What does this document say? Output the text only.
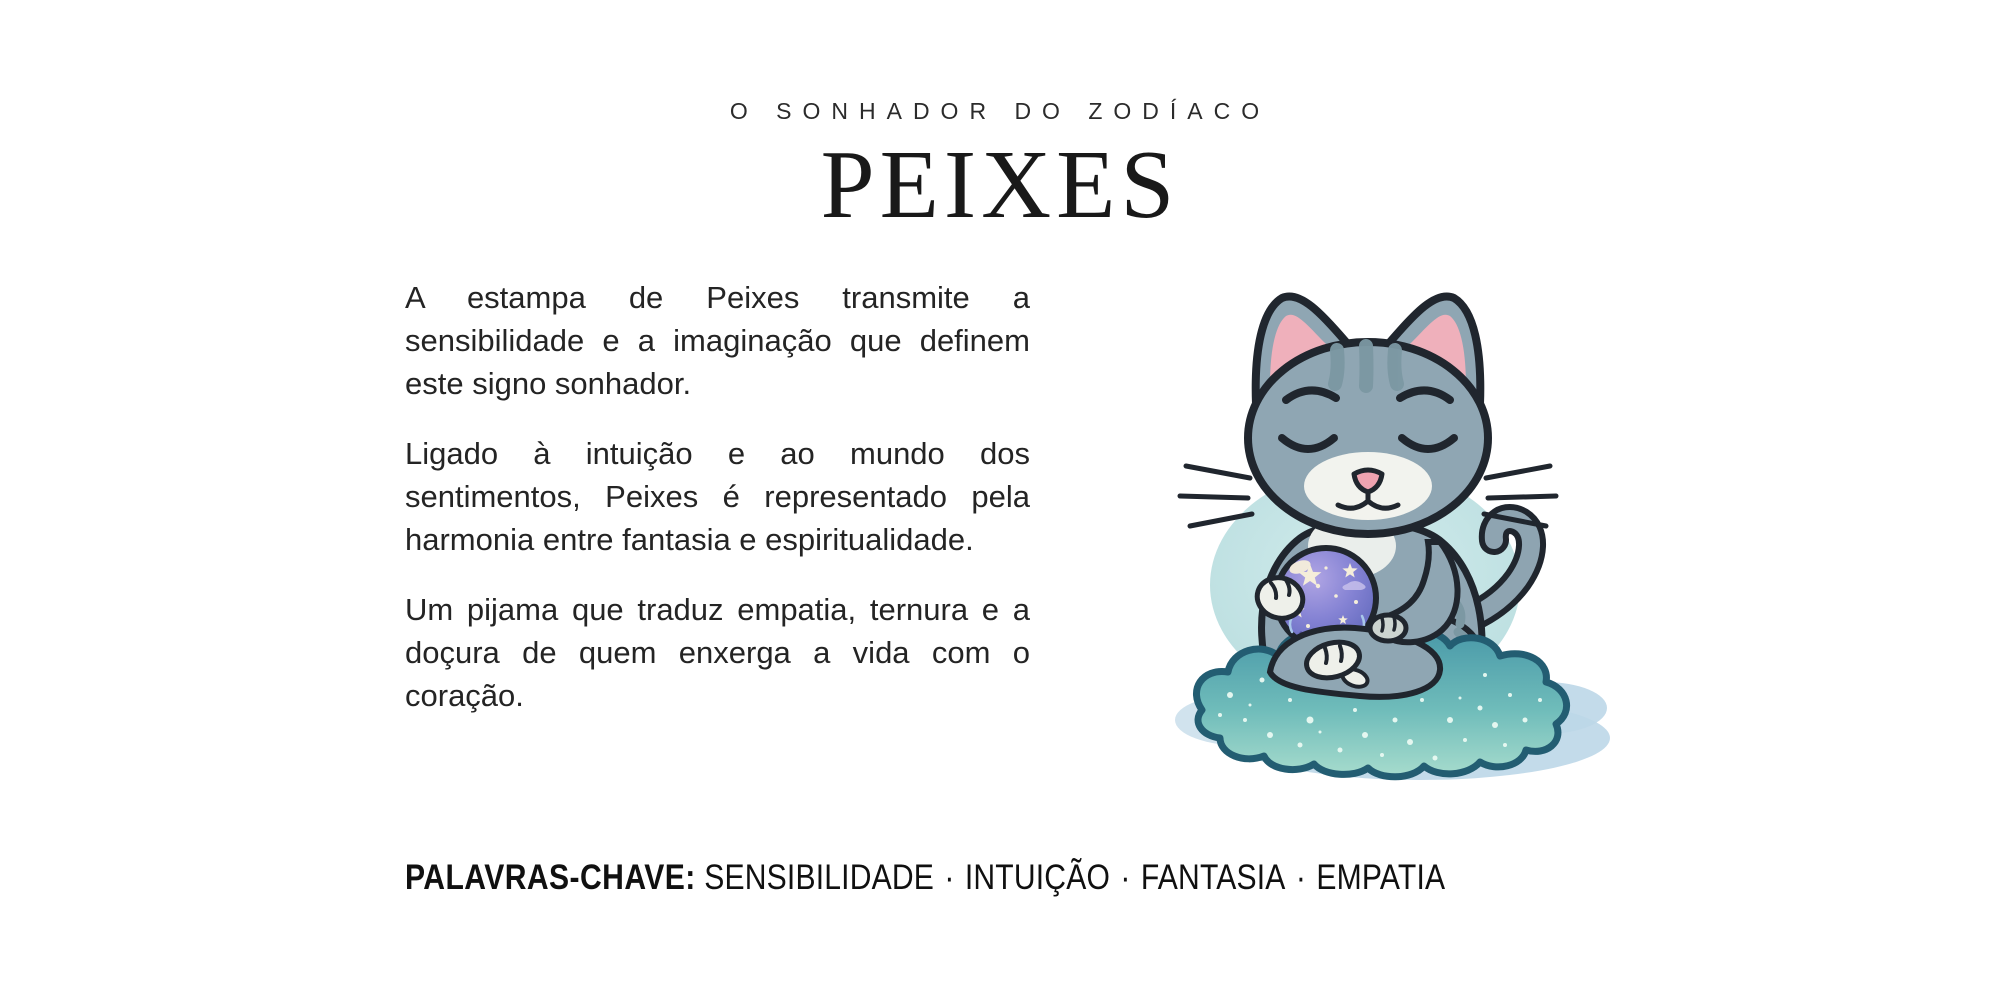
O SONHADOR DO ZODÍACO
PEIXES

A estampa de Peixes transmite a sensibilidade e a imaginação que definem este signo sonhador.

Ligado à intuição e ao mundo dos sentimentos, Peixes é representado pela harmonia entre fantasia e espiritualidade.

Um pijama que traduz empatia, ternura e a doçura de quem enxerga a vida com o coração.

PALAVRAS-CHAVE: SENSIBILIDADE · INTUIÇÃO · FANTASIA · EMPATIA
